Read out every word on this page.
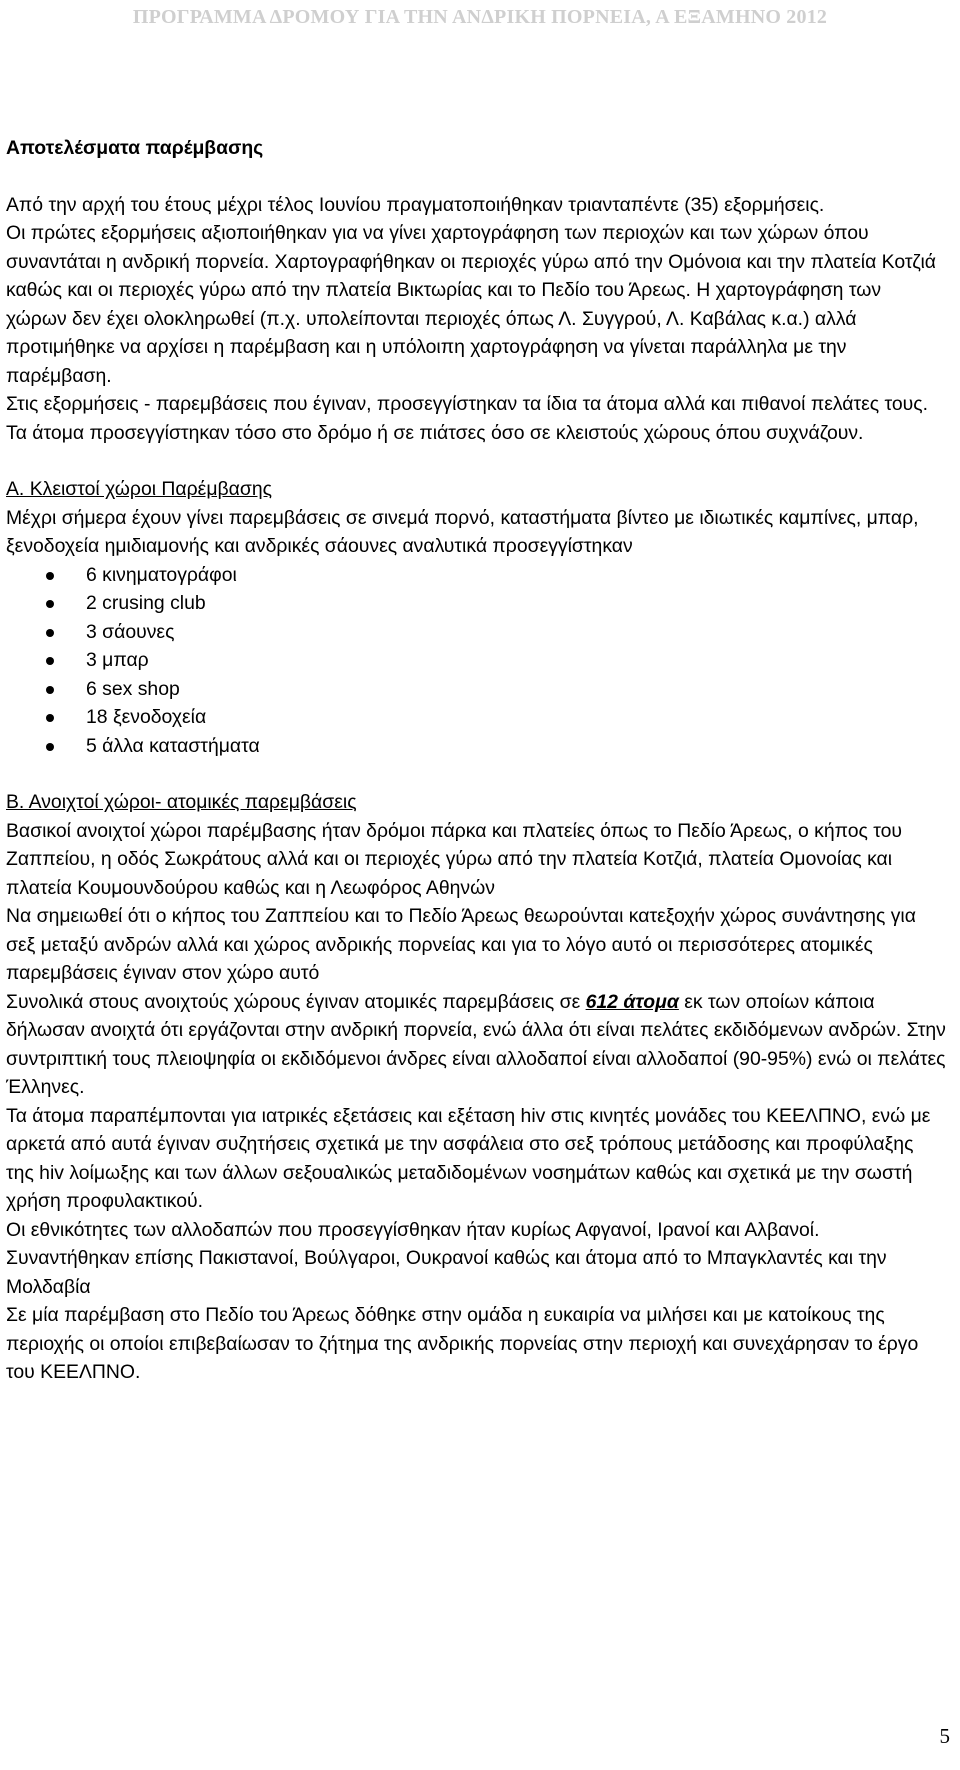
ΠΡΟΓΡΑΜΜΑ ΔΡΟΜΟΥ ΓΙΑ ΤΗΝ ΑΝΔΡΙΚΗ ΠΟΡΝΕΙΑ, Α ΕΞΑΜΗΝΟ 2012

Αποτελέσματα παρέμβασης

Από την αρχή του έτους μέχρι τέλος Ιουνίου πραγματοποιήθηκαν τριανταπέντε (35) εξορμήσεις.

Οι πρώτες εξορμήσεις αξιοποιήθηκαν για να γίνει χαρτογράφηση των περιοχών και των χώρων όπου συναντάται η ανδρική πορνεία. Χαρτογραφήθηκαν οι περιοχές γύρω από την Ομόνοια και την πλατεία Κοτζιά καθώς και οι περιοχές γύρω από την πλατεία Βικτωρίας και το Πεδίο του Άρεως. Η χαρτογράφηση των χώρων δεν έχει ολοκληρωθεί (π.χ. υπολείπονται περιοχές όπως Λ. Συγγρού, Λ. Καβάλας κ.α.) αλλά προτιμήθηκε να αρχίσει η παρέμβαση και η υπόλοιπη χαρτογράφηση να γίνεται παράλληλα με την παρέμβαση.

Στις εξορμήσεις - παρεμβάσεις που έγιναν, προσεγγίστηκαν τα ίδια τα άτομα αλλά και πιθανοί πελάτες τους.

Τα άτομα προσεγγίστηκαν τόσο στο δρόμο ή σε πιάτσες όσο σε κλειστούς χώρους όπου συχνάζουν.

Α. Κλειστοί χώροι Παρέμβασης

Μέχρι σήμερα έχουν γίνει παρεμβάσεις σε σινεμά πορνό, καταστήματα βίντεο με ιδιωτικές καμπίνες, μπαρ, ξενοδοχεία ημιδιαμονής και ανδρικές σάουνες αναλυτικά προσεγγίστηκαν

6 κινηματογράφοι
2 crusing club
3 σάουνες
3 μπαρ
6 sex shop
18 ξενοδοχεία
5 άλλα καταστήματα

Β. Ανοιχτοί χώροι- ατομικές παρεμβάσεις

Βασικοί ανοιχτοί χώροι παρέμβασης ήταν δρόμοι πάρκα και πλατείες όπως το Πεδίο Άρεως, ο κήπος του Ζαππείου, η οδός Σωκράτους αλλά και οι περιοχές γύρω από την πλατεία Κοτζιά, πλατεία Ομονοίας και πλατεία Κουμουνδούρου καθώς και η Λεωφόρος Αθηνών

Να σημειωθεί ότι ο κήπος του Ζαππείου και το Πεδίο Άρεως θεωρούνται κατεξοχήν χώρος συνάντησης για σεξ μεταξύ ανδρών αλλά και χώρος ανδρικής πορνείας και για το λόγο αυτό οι περισσότερες ατομικές παρεμβάσεις έγιναν στον χώρο αυτό

Συνολικά στους ανοιχτούς χώρους έγιναν ατομικές παρεμβάσεις σε 612 άτομα εκ των οποίων κάποια δήλωσαν ανοιχτά ότι εργάζονται στην ανδρική πορνεία, ενώ άλλα ότι είναι πελάτες εκδιδόμενων ανδρών. Στην συντριπτική τους πλειοψηφία οι εκδιδόμενοι άνδρες είναι αλλοδαποί είναι αλλοδαποί (90-95%) ενώ οι πελάτες Έλληνες.

Τα άτομα παραπέμπονται για ιατρικές εξετάσεις και εξέταση hiv στις κινητές μονάδες του ΚΕΕΛΠΝΟ, ενώ με αρκετά από αυτά έγιναν συζητήσεις σχετικά με την ασφάλεια στο σεξ τρόπους μετάδοσης και προφύλαξης της hiv λοίμωξης και των άλλων σεξουαλικώς μεταδιδομένων νοσημάτων καθώς και σχετικά με την σωστή χρήση προφυλακτικού.

Οι εθνικότητες των αλλοδαπών που προσεγγίσθηκαν ήταν κυρίως Αφγανοί, Ιρανοί και Αλβανοί. Συναντήθηκαν επίσης Πακιστανοί, Βούλγαροι, Ουκρανοί καθώς και άτομα από το Μπαγκλαντές και την Μολδαβία

Σε μία παρέμβαση στο Πεδίο του Άρεως δόθηκε στην ομάδα η ευκαιρία να μιλήσει και με κατοίκους της περιοχής οι οποίοι επιβεβαίωσαν το ζήτημα της ανδρικής πορνείας στην περιοχή και συνεχάρησαν το έργο του ΚΕΕΛΠΝΟ.

5
